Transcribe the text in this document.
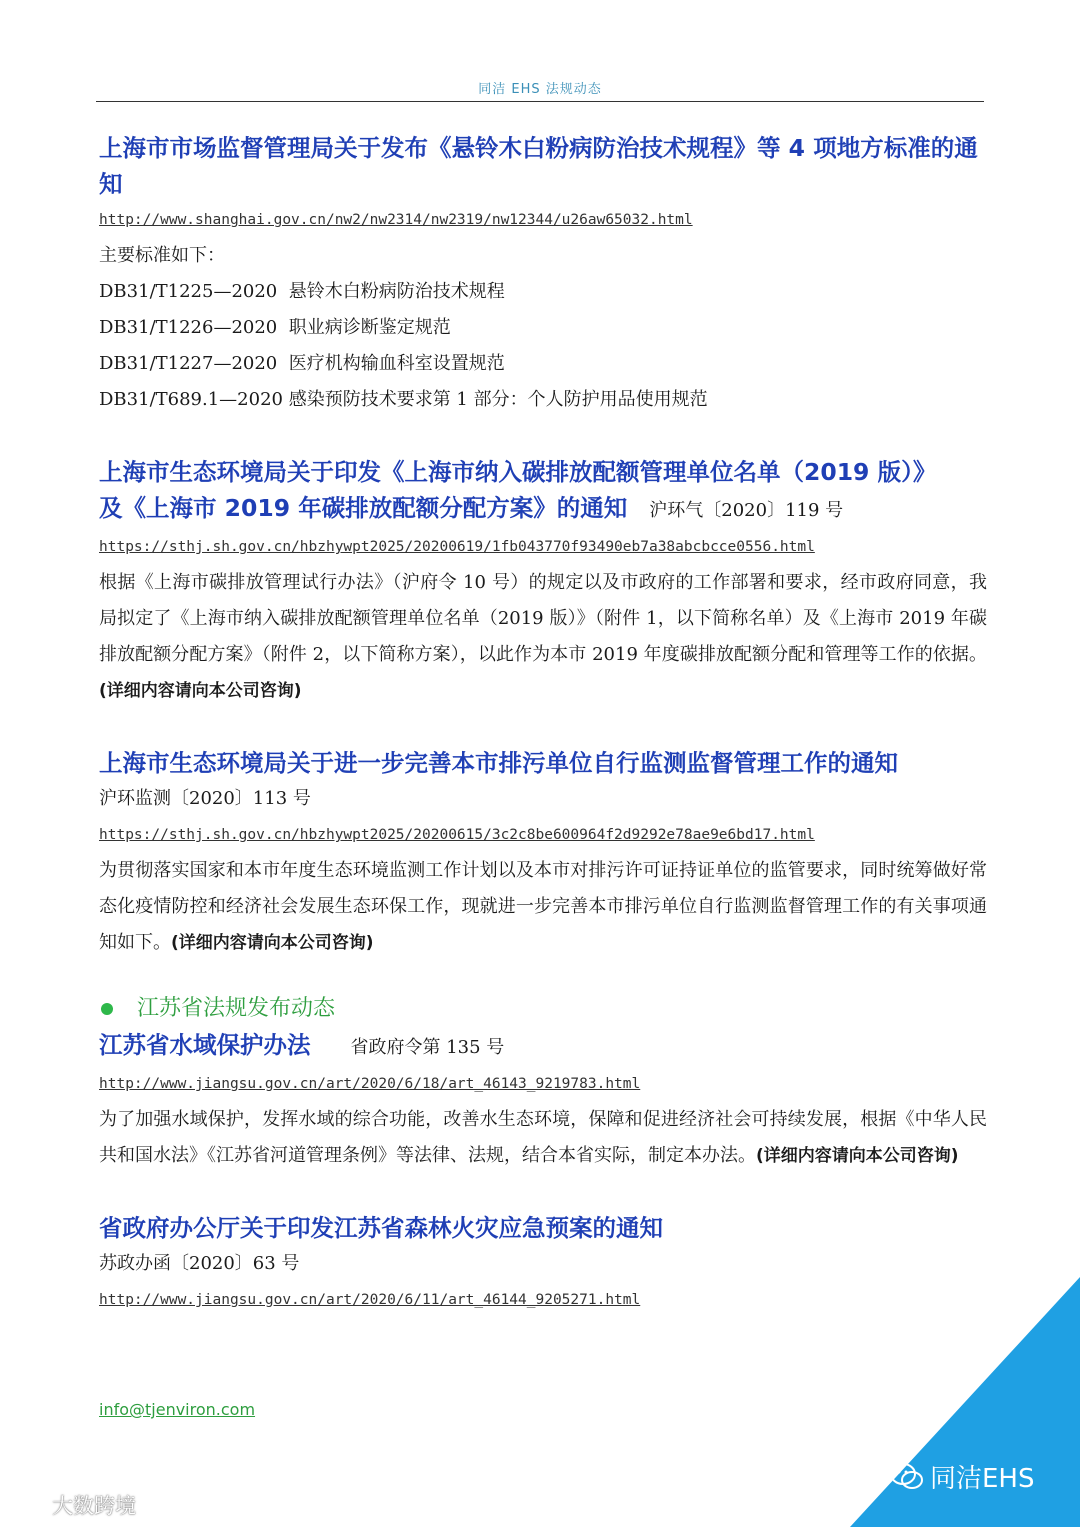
同洁 EHS 法规动态
上海市市场监督管理局关于发布《悬铃木白粉病防治技术规程》等 4 项地方标准的通知
http://www.shanghai.gov.cn/nw2/nw2314/nw2319/nw12344/u26aw65032.html
主要标准如下：
DB31/T1225—2020  悬铃木白粉病防治技术规程
DB31/T1226—2020  职业病诊断鉴定规范
DB31/T1227—2020  医疗机构输血科室设置规范
DB31/T689.1—2020 感染预防技术要求第 1 部分：个人防护用品使用规范
上海市生态环境局关于印发《上海市纳入碳排放配额管理单位名单（2019 版）》
及《上海市 2019 年碳排放配额分配方案》的通知 沪环气〔2020〕119 号
https://sthj.sh.gov.cn/hbzhywpt2025/20200619/1fb043770f93490eb7a38abcbcce0556.html
根据《上海市碳排放管理试行办法》（沪府令 10 号）的规定以及市政府的工作部署和要求，经市政府同意，我局拟定了《上海市纳入碳排放配额管理单位名单（2019 版）》（附件 1，以下简称名单）及《上海市 2019 年碳排放配额分配方案》（附件 2，以下简称方案），以此作为本市 2019 年度碳排放配额分配和管理等工作的依据。(详细内容请向本公司咨询)
上海市生态环境局关于进一步完善本市排污单位自行监测监督管理工作的通知
沪环监测〔2020〕113 号
https://sthj.sh.gov.cn/hbzhywpt2025/20200615/3c2c8be600964f2d9292e78ae9e6bd17.html
为贯彻落实国家和本市年度生态环境监测工作计划以及本市对排污许可证持证单位的监管要求，同时统筹做好常态化疫情防控和经济社会发展生态环保工作，现就进一步完善本市排污单位自行监测监督管理工作的有关事项通知如下。(详细内容请向本公司咨询)
江苏省法规发布动态
江苏省水域保护办法 省政府令第 135 号
http://www.jiangsu.gov.cn/art/2020/6/18/art_46143_9219783.html
为了加强水域保护，发挥水域的综合功能，改善水生态环境，保障和促进经济社会可持续发展，根据《中华人民共和国水法》《江苏省河道管理条例》等法律、法规，结合本省实际，制定本办法。(详细内容请向本公司咨询)
省政府办公厅关于印发江苏省森林火灾应急预案的通知
苏政办函〔2020〕63 号
http://www.jiangsu.gov.cn/art/2020/6/11/art_46144_9205271.html
info@tjenviron.com
同洁EHS
大数跨境
